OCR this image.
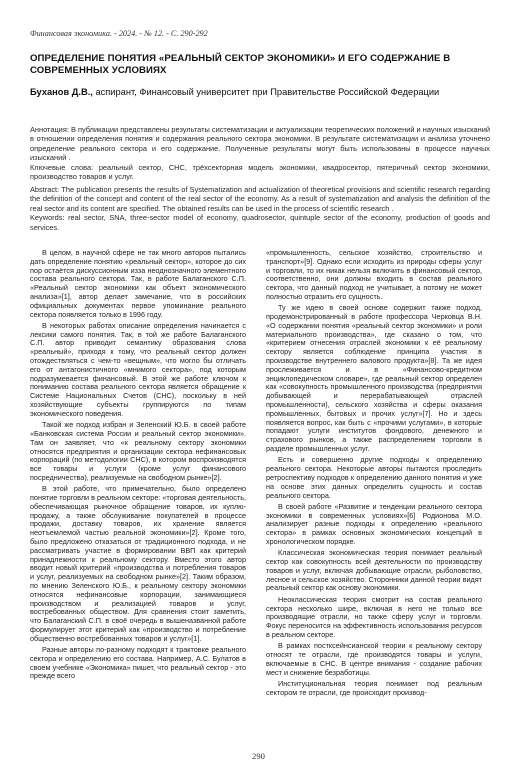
Финансовая экономика. - 2024. - № 12. - С. 290-292
ОПРЕДЕЛЕНИЕ ПОНЯТИЯ «РЕАЛЬНЫЙ СЕКТОР ЭКОНОМИКИ» И ЕГО СОДЕРЖАНИЕ В СОВРЕМЕННЫХ УСЛОВИЯХ
Буханов Д.В., аспирант, Финансовый университет при Правительстве Российской Федерации

Аннотация: В публикации представлены результаты систематизации и актуализации теоретических положений и научных изысканий в отношении определения понятия и содержания реального сектора экономики. В результате систематизации и анализа уточнено определение реального сектора и его содержание. Полученные результаты могут быть использованы в процессе научных изысканий .

Ключевые слова: реальный сектор, СНС, трёхсекторная модель экономики, квадросектор, пятеричный сектор экономики, производство товаров и услуг.

Abstract: The publication presents the results of Systematization and actualization of theoretical provisions and scientific research regarding the definition of the concept and content of the real sector of the economy. As a result of systematization and analysis the definition of the real sector and its content are specified. The obtained results can be used in the process of scientific research .

Keywords: real sector, SNA, three-sector model of economy, quadrosector, quintuple sector of the economy, production of goods and services.

В целом, в научной сфере не так много авторов пытались дать определение понятию «реальный сектор», которое до сих пор остаётся дискуссионным изза неоднозначного элементного состава реального сектора. Так, в работе Балаганского С.П. «Реальный сектор экономики как объект экономического анализа»[1], автор делает замечание, что в российских официальных документах первое упоминание реального сектора появляется только в 1996 году.

В некоторых работах описание определения начинается с лексики самого понятия. Так, в той же работе Балаганского С.П. автор приводит семантику образования слова «реальный», приходя к тому, что реальный сектор должен отождествляться с чем-то «вещным», что могло бы отличать его от антагонистичного «мнимого сектора», под которым подразумевается финансовый. В этой же работе ключом к пониманию состава реального сектора является обращение к Системе Национальных Счетов (СНС), поскольку в ней хозяйствующие субъекты группируются по типам экономического поведения.

Такой же подход избран и Зеленский Ю.Б. в своей работе «Банковская система России и реальный сектор экономики». Там он заявляет, что «к реальному сектору экономики относятся предприятия и организации сектора нефинансовых корпораций (по методологии СНС), в котором воспроизводятся все товары и услуги (кроме услуг финансового посредничества), реализуемые на свободном рынке»[2].

В этой работе, что примечательно, было определено понятие торговли в реальном секторе: «торговая деятельность, обеспечивающая рыночное обращение товаров, их куплю-продажу, а также обслуживание покупателей в процессе продажи, доставку товаров, их хранение является неотъемлемой частью реальной экономики»[2]. Кроме того, было предложено отказаться от традиционного подхода, и не рассматривать участие в формировании ВВП как критерий принадлежности к реальному сектору. Вместо этого автор вводит новый критерий «производства и потребления товаров и услуг, реализуемых на свободном рынке»[2]. Таким образом, по мнению Зеленского Ю.Б., к реальному сектору экономики относятся нефинансовые корпорации, занимающиеся производством и реализацией товаров и услуг, востребованных обществом. Для сравнения стоит заметить, что Балаганский С.П. в своё очередь в вышеназванной работе формулирует этот критерий как «производство и потребление общественно востребованных товаров и услуг»[1].

Разные авторы по-разному подходят к трактовке реального сектора и определению его состава. Например, А.С. Булатов в своем учебнике «Экономика» пишет, что реальный сектор - это прежде всего

«промышленность, сельское хозяйство, строительство и транспорт»[9]. Однако если исходить из природы сферы услуг и торговли, то их никак нельзя включить в финансовый сектор, соответственно, они должны входить в состав реального сектора, что данный подход не учитывает, а потому не может полностью отразить его сущность.

Ту же идею в своей основе содержит также подход, продемонстрированный в работе профессора Черковца В.Н. «О содержании понятия «реальный сектор экономики» и роли материального производства», где сказано о том, что «критерием отнесения отраслей экономики к её реальному сектору является соблюдение принципа участия в производстве внутреннего валового продукта»[8]. Та же идея прослеживается и в «Финансово-кредитном энциклопедическом словаре», где реальный сектор определен как «совокупность промышленного производства (предприятия добывающей и перерабатывающей отраслей промышленности), сельского хозяйства и сферы оказания промышленных, бытовых и прочих услуг»[7]. Но и здесь появляется вопрос, как быть с «прочими услугами», в которые попадают услуги институтов фондового, денежного и страхового рынков, а также распределением торговли в разделе промышленных услуг.

Есть и совершенно другие подходы к определению реального сектора. Некоторые авторы пытаются проследить ретроспективу подходов к определению данного понятия и уже на основе этих данных определить сущность и состав реального сектора.

В своей работе «Развитие и тенденции реального сектора экономики в современных условиях»[6] Родионова М.О. анализирует разные подходы к определению «реального сектора» в рамках основных экономических концепций в хронологическом порядке.

Классическая экономическая теория понимает реальный сектор как совокупность всей деятельности по производству товаров и услуг, включая добывающие отрасли, рыболовство, лесное и сельское хозяйство. Сторонники данной теории видят реальный сектор как основу экономики.

Неоклассическая теория смотрит на состав реального сектора несколько шире, включая в него не только все производящие отрасли, но также сферу услуг и торговли. Фокус переносится на эффективность использования ресурсов в реальном секторе.

В рамках постксейнсианской теории к реальному сектору относят те отрасли, где производятся товары и услуги, включаемые в СНС. В центре внимания - создание рабочих мест и снижение безработицы.

Институциональная теория понимает под реальным сектором те отрасли, где происходит производ-

290
